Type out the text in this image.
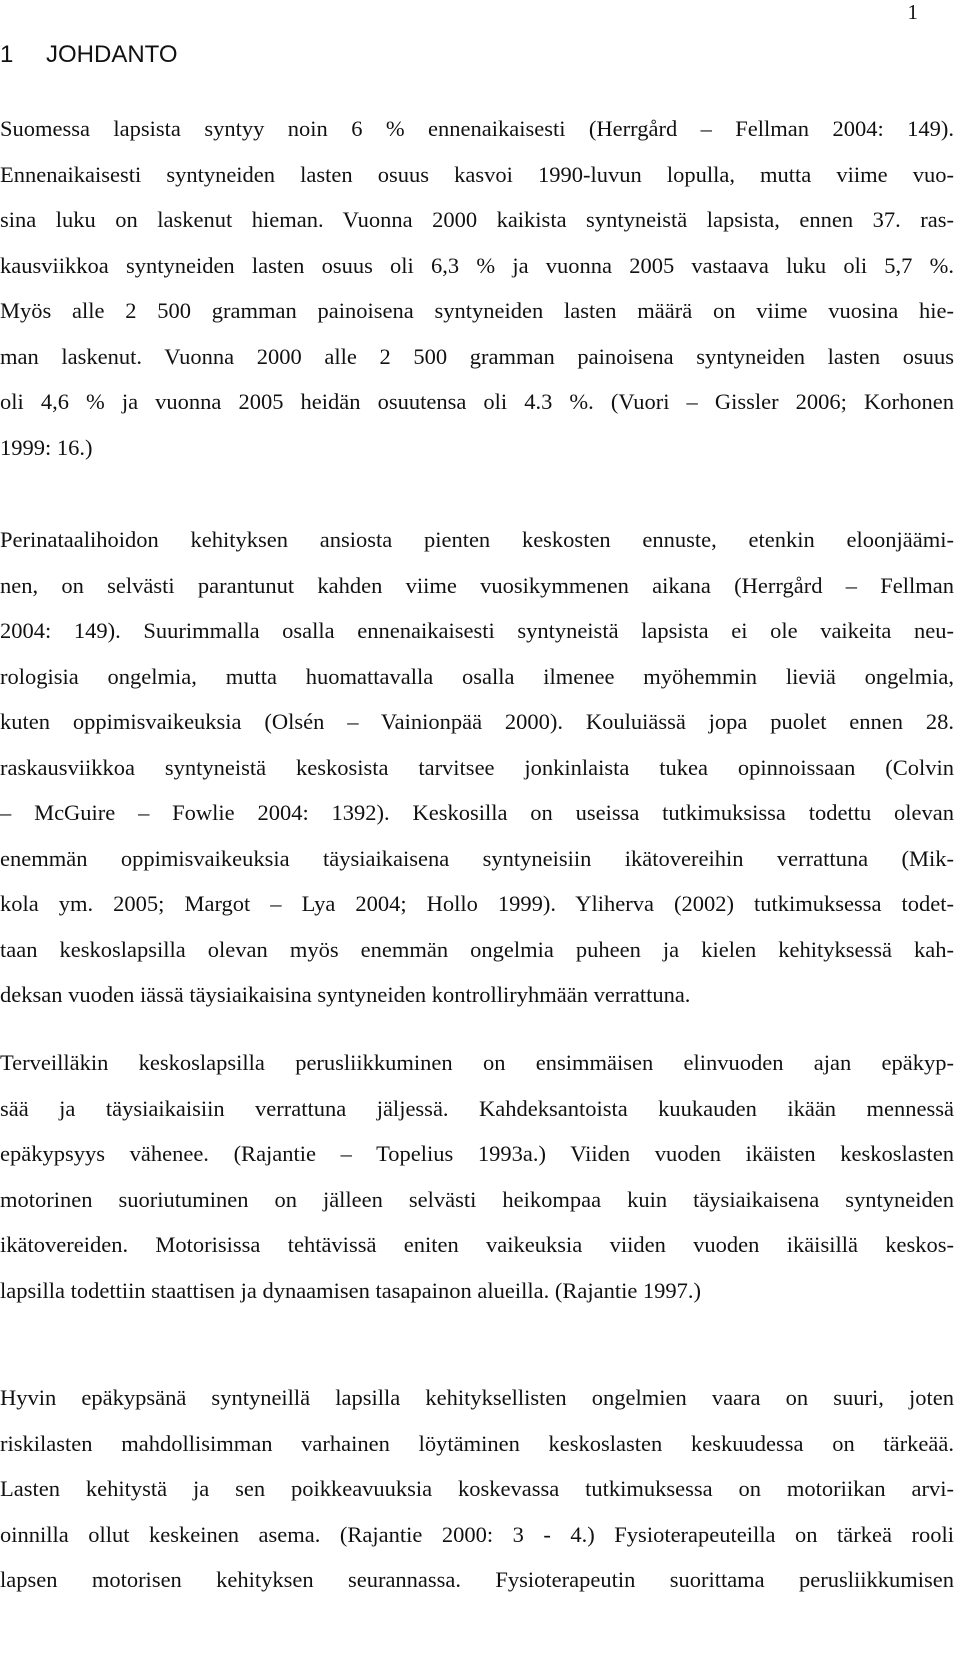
1
1 JOHDANTO
Suomessa lapsista syntyy noin 6 % ennenaikaisesti (Herrgård – Fellman 2004: 149).
Ennenaikaisesti syntyneiden lasten osuus kasvoi 1990-luvun lopulla, mutta viime vuo-
sina luku on laskenut hieman. Vuonna 2000 kaikista syntyneistä lapsista, ennen 37. ras-
kausviikkoa syntyneiden lasten osuus oli 6,3 % ja vuonna 2005 vastaava luku oli 5,7 %.
Myös alle 2 500 gramman painoisena syntyneiden lasten määrä on viime vuosina hie-
man laskenut. Vuonna 2000 alle 2 500 gramman painoisena syntyneiden lasten osuus
oli 4,6 % ja vuonna 2005 heidän osuutensa oli 4.3 %. (Vuori – Gissler 2006; Korhonen
1999: 16.)
Perinataalihoidon kehityksen ansiosta pienten keskosten ennuste, etenkin eloonjäämi-
nen, on selvästi parantunut kahden viime vuosikymmenen aikana (Herrgård – Fellman
2004: 149). Suurimmalla osalla ennenaikaisesti syntyneistä lapsista ei ole vaikeita neu-
rologisia ongelmia, mutta huomattavalla osalla ilmenee myöhemmin lieviä ongelmia,
kuten oppimisvaikeuksia (Olsén – Vainionpää 2000). Kouluiässä jopa puolet ennen 28.
raskausviikkoa syntyneistä keskosista tarvitsee jonkinlaista tukea opinnoissaan (Colvin
– McGuire – Fowlie 2004: 1392). Keskosilla on useissa tutkimuksissa todettu olevan
enemmän oppimisvaikeuksia täysiaikaisena syntyneisiin ikätovereihin verrattuna (Mik-
kola ym. 2005; Margot – Lya 2004; Hollo 1999). Yliherva (2002) tutkimuksessa todet-
taan keskoslapsilla olevan myös enemmän ongelmia puheen ja kielen kehityksessä kah-
deksan vuoden iässä täysiaikaisina syntyneiden kontrolliryhmään verrattuna.
Terveilläkin keskoslapsilla perusliikkuminen on ensimmäisen elinvuoden ajan epäkyp-
sää ja täysiaikaisiin verrattuna jäljessä. Kahdeksantoista kuukauden ikään mennessä
epäkypsyys vähenee. (Rajantie – Topelius 1993a.) Viiden vuoden ikäisten keskoslasten
motorinen suoriutuminen on jälleen selvästi heikompaa kuin täysiaikaisena syntyneiden
ikätovereiden. Motorisissa tehtävissä eniten vaikeuksia viiden vuoden ikäisillä keskos-
lapsilla todettiin staattisen ja dynaamisen tasapainon alueilla. (Rajantie 1997.)
Hyvin epäkypsänä syntyneillä lapsilla kehityksellisten ongelmien vaara on suuri, joten
riskilasten mahdollisimman varhainen löytäminen keskoslasten keskuudessa on tärkeää.
Lasten kehitystä ja sen poikkeavuuksia koskevassa tutkimuksessa on motoriikan arvi-
oinnilla ollut keskeinen asema. (Rajantie 2000: 3 - 4.) Fysioterapeuteilla on tärkeä rooli
lapsen motorisen kehityksen seurannassa. Fysioterapeutin suorittama perusliikkumisen
